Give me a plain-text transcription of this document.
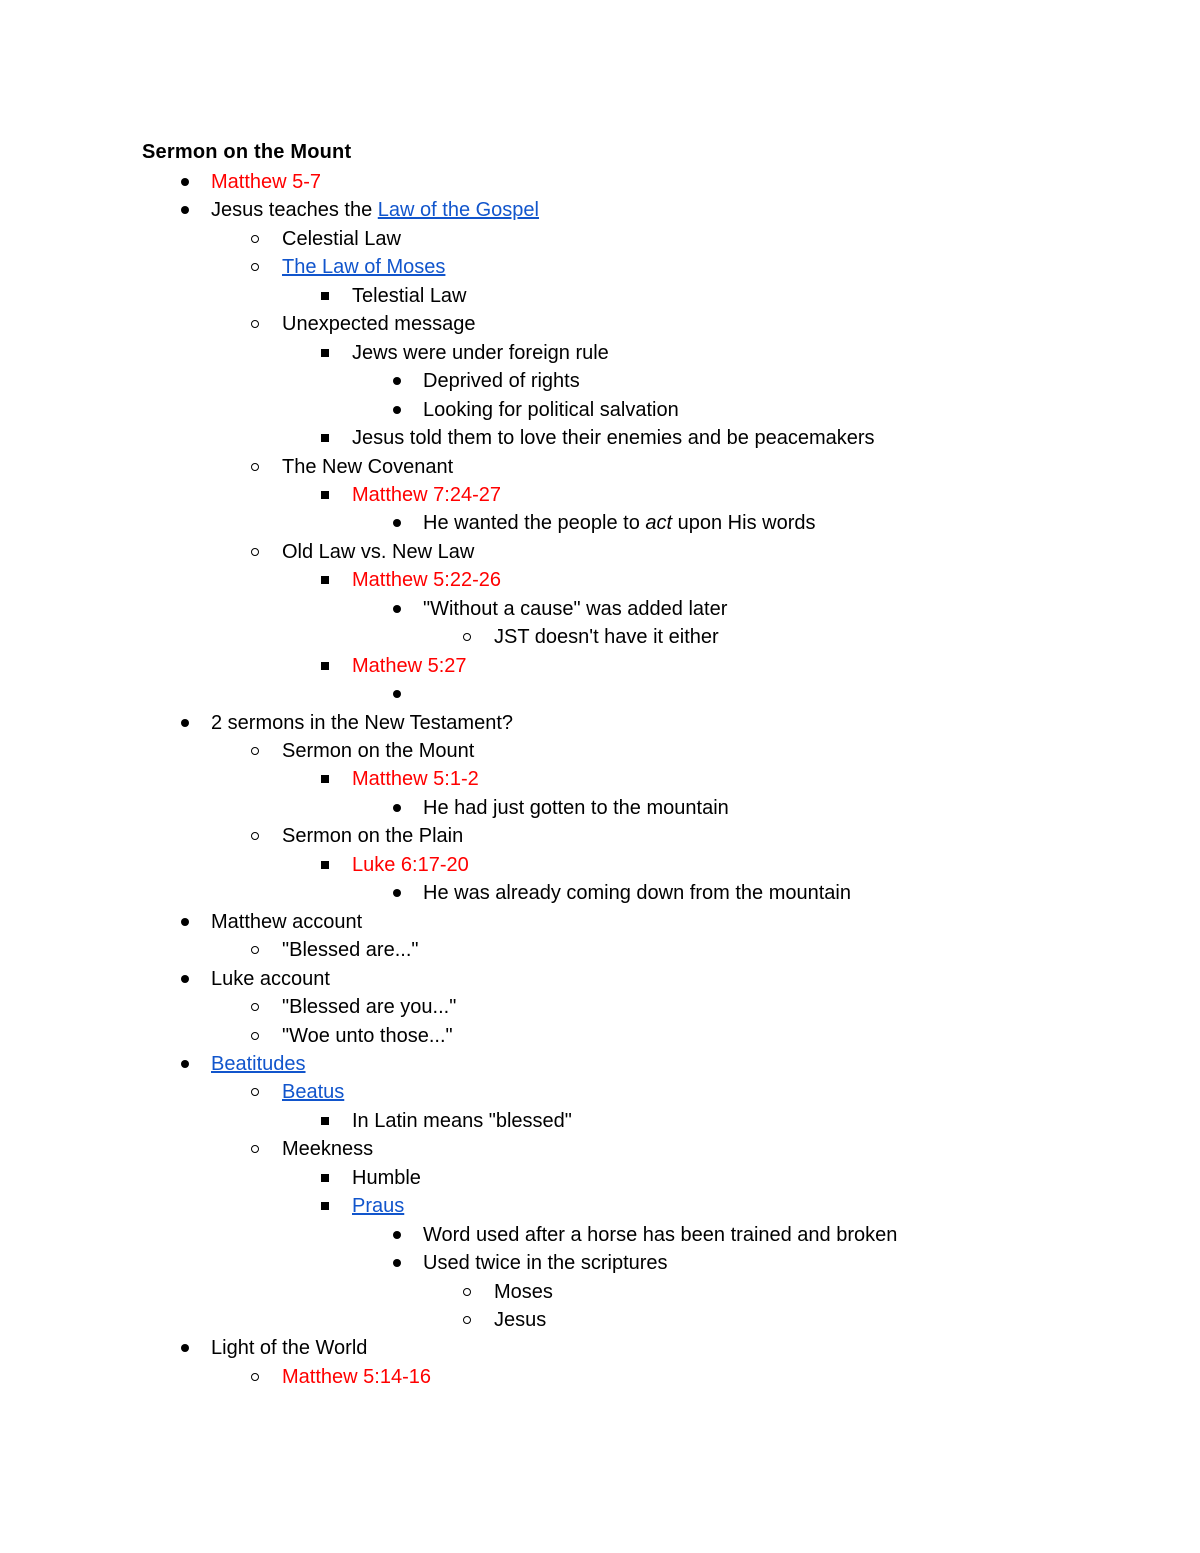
Sermon on the Mount
Matthew 5-7
Jesus teaches the Law of the Gospel
Celestial Law
The Law of Moses
Telestial Law
Unexpected message
Jews were under foreign rule
Deprived of rights
Looking for political salvation
Jesus told them to love their enemies and be peacemakers
The New Covenant
Matthew 7:24-27
He wanted the people to act upon His words
Old Law vs. New Law
Matthew 5:22-26
"Without a cause" was added later
JST doesn't have it either
Mathew 5:27
2 sermons in the New Testament?
Sermon on the Mount
Matthew 5:1-2
He had just gotten to the mountain
Sermon on the Plain
Luke 6:17-20
He was already coming down from the mountain
Matthew account
"Blessed are..."
Luke account
"Blessed are you..."
"Woe unto those..."
Beatitudes
Beatus
In Latin means "blessed"
Meekness
Humble
Praus
Word used after a horse has been trained and broken
Used twice in the scriptures
Moses
Jesus
Light of the World
Matthew 5:14-16
